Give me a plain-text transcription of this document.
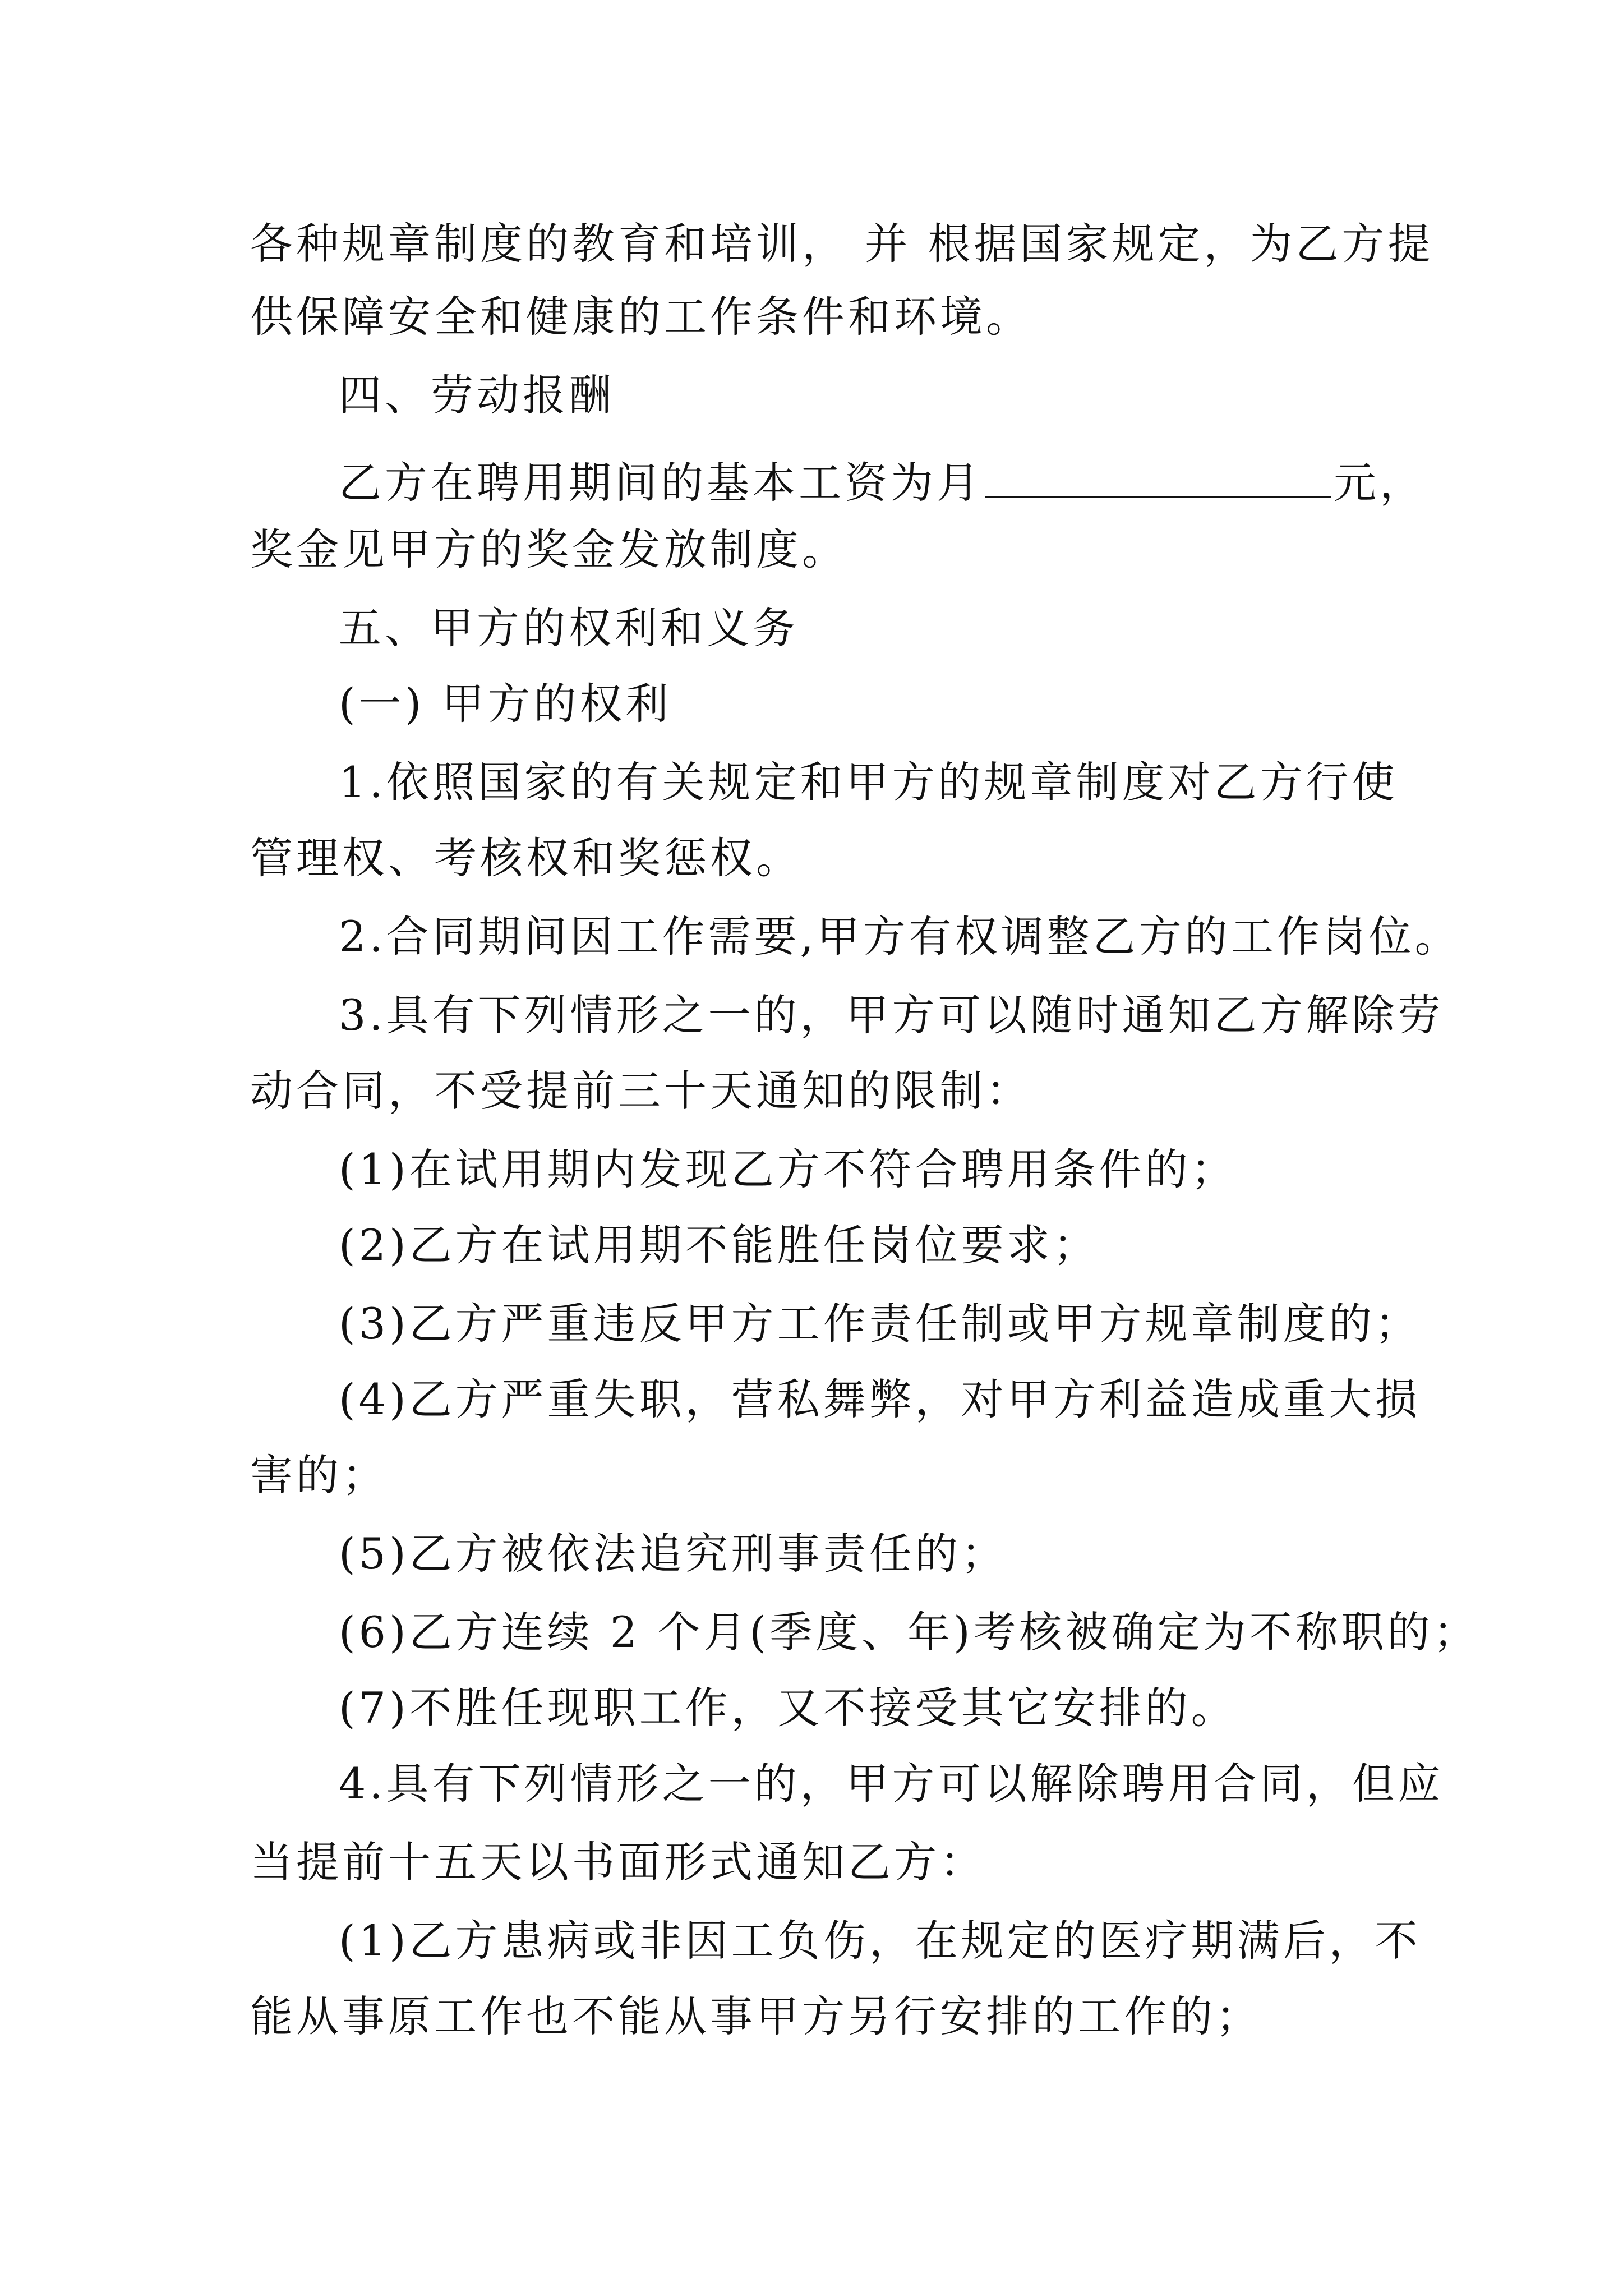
各种规章制度的教育和培训， 并 根据国家规定，为乙方提
供保障安全和健康的工作条件和环境。
四、劳动报酬
乙方在聘用期间的基本工资为月	元，
奖金见甲方的奖金发放制度。
五、甲方的权利和义务
(一) 甲方的权利
1.依照国家的有关规定和甲方的规章制度对乙方行使
管理权、考核权和奖惩权。
2.合同期间因工作需要,甲方有权调整乙方的工作岗位。
3.具有下列情形之一的，甲方可以随时通知乙方解除劳
动合同，不受提前三十天通知的限制：
(1)在试用期内发现乙方不符合聘用条件的；
(2)乙方在试用期不能胜任岗位要求；
(3)乙方严重违反甲方工作责任制或甲方规章制度的；
(4)乙方严重失职，营私舞弊，对甲方利益造成重大损
害的；
(5)乙方被依法追究刑事责任的；
(6)乙方连续 2 个月(季度、年)考核被确定为不称职的；
(7)不胜任现职工作，又不接受其它安排的。
4.具有下列情形之一的，甲方可以解除聘用合同，但应
当提前十五天以书面形式通知乙方：
(1)乙方患病或非因工负伤，在规定的医疗期满后，不
能从事原工作也不能从事甲方另行安排的工作的；
